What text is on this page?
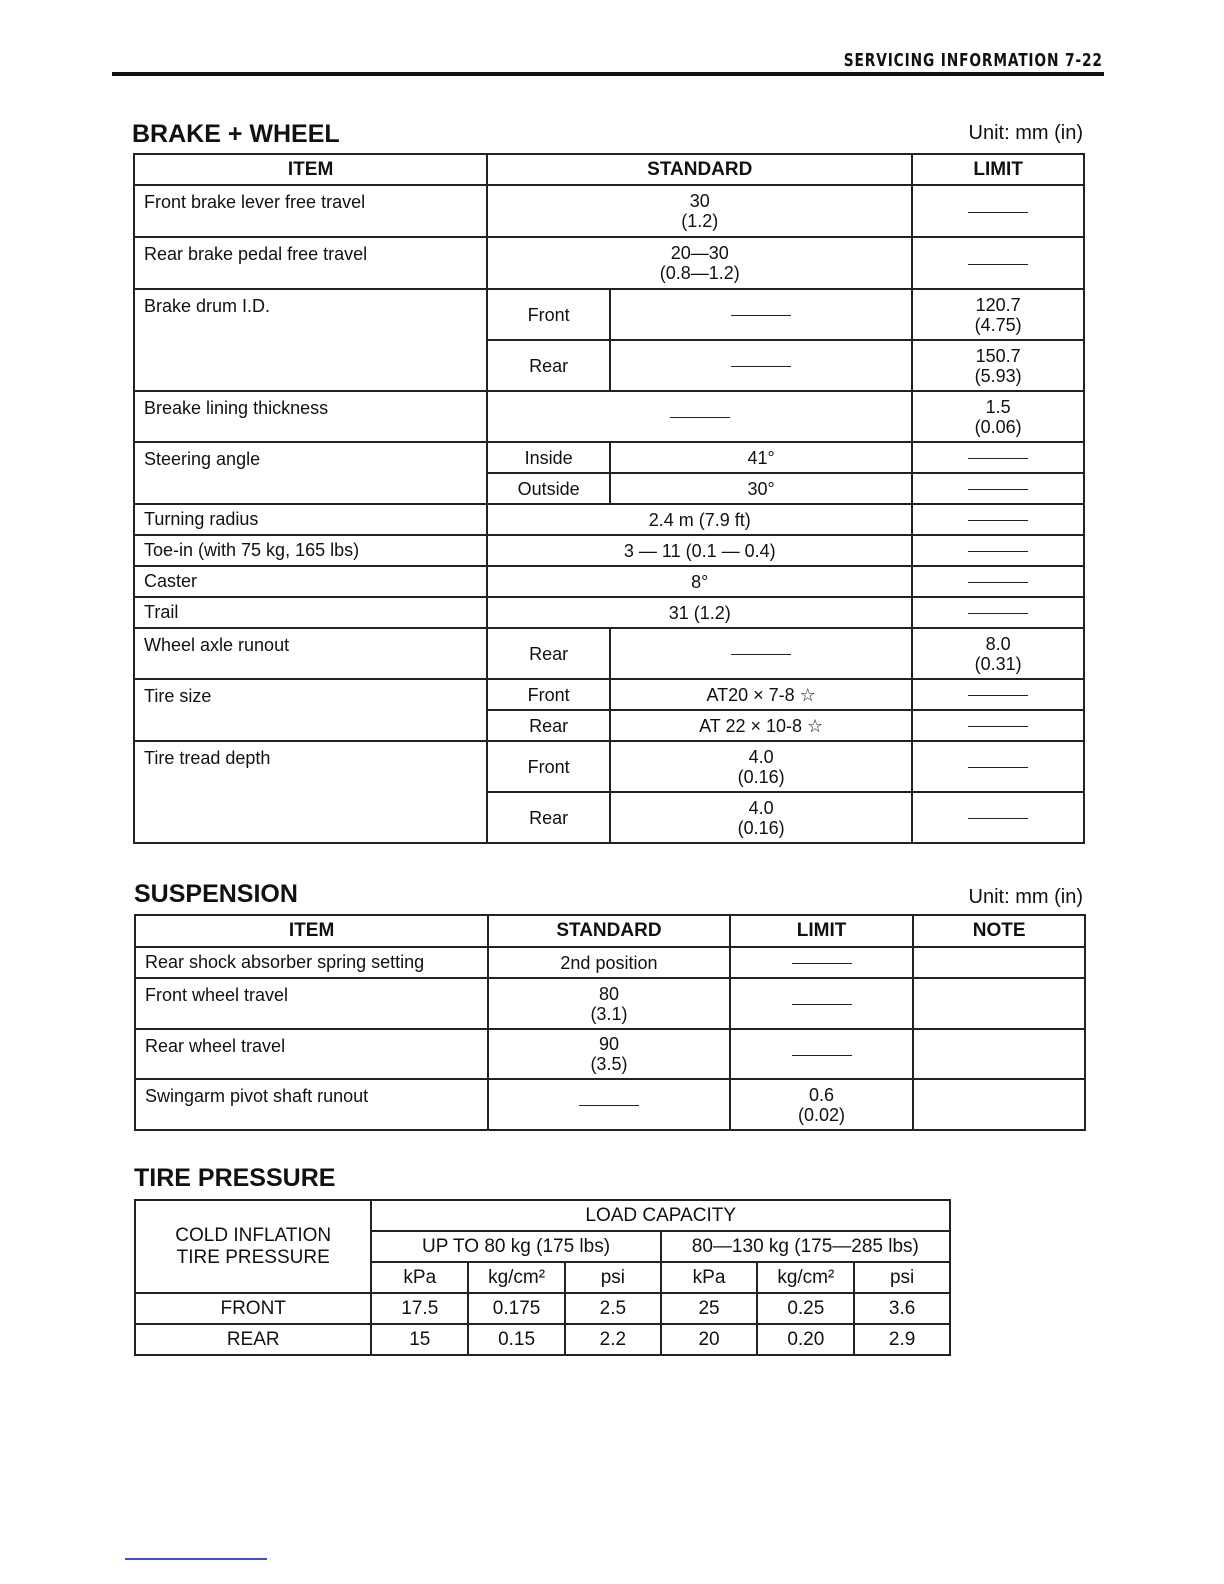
SERVICING INFORMATION 7-22
BRAKE + WHEEL	Unit: mm (in)
ITEM	STANDARD		LIMIT
Front brake lever free travel	30
(1.2)		

Rear brake pedal free travel	20—30
(0.8—1.2)		

Brake drum I.D.	Front		120.7
(4.75)

	Rear		150.7
(5.93)

Breake lining thickness			1.5
(0.06)

Steering angle	Inside	41°	
	Outside	30°	
Turning radius	2.4 m (7.9 ft)		
Toe-in (with 75 kg, 165 lbs)	3 — 11 (0.1 — 0.4)		
Caster	8°		
Trail	31 (1.2)		
Wheel axle runout	Rear		8.0
(0.31)

Tire size	Front	AT20 × 7-8 ☆	
	Rear	AT 22 × 10-8 ☆	
Tire tread depth	Front	4.0
(0.16)	

	Rear	4.0
(0.16)	

SUSPENSION	Unit: mm (in)
ITEM	STANDARD	LIMIT	NOTE
Rear shock absorber spring setting	2nd position		
Front wheel travel	80
(3.1)		

Rear wheel travel	90
(3.5)		

Swingarm pivot shaft runout		0.6
(0.02)	

TIRE PRESSURE
COLD INFLATION
TIRE PRESSURE	LOAD CAPACITY					
	UP TO 80 kg (175 lbs)			80—130 kg (175—285 lbs)		
	kPa	kg/cm²	psi	kPa	kg/cm²	psi
FRONT	17.5	0.175	2.5	25	0.25	3.6
REAR	15	0.15	2.2	20	0.20	2.9
